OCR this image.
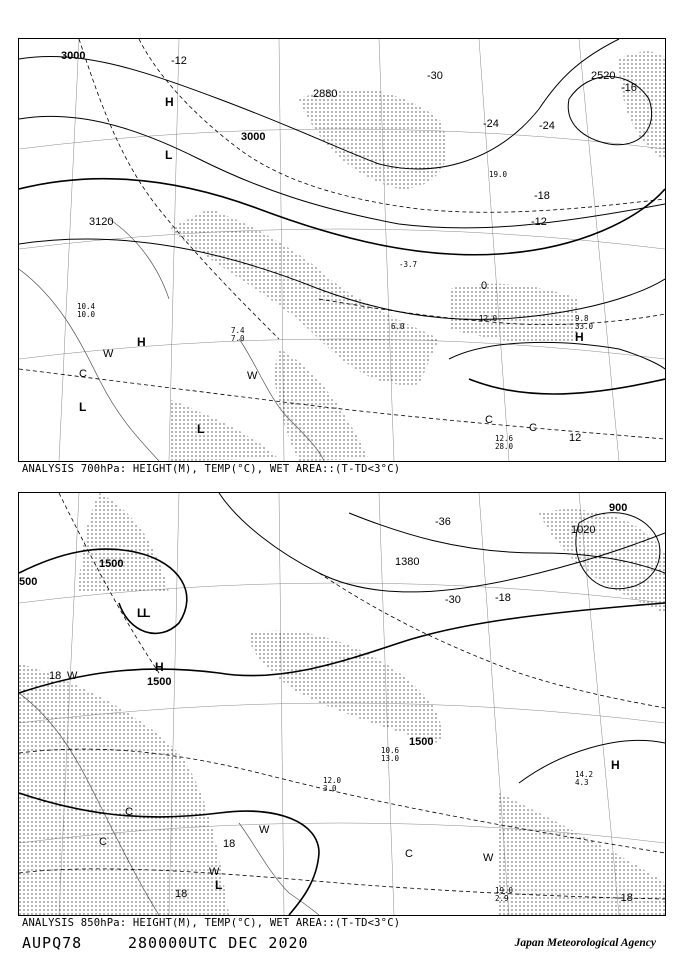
3000
3120
3000
2880
2520
-12
-30
-24
-18
-12
0
12
-16
-24
H
L
H	H
L
L
W
C	W
C
C
12.6
28.0
9.8
33.0
12.0
6.0
-3.7
19.0
10.4
10.0
7.4
7.0
ANALYSIS 700hPa: HEIGHT(M), TEMP(°C), WET AREA::(T-TD<3°C)
1500
1500
1500
1380
1020
900
500
-30
-36
-18
18
18
18	-18
L
H
H
L
L
W
W
W
C
C
W
C
14.2
4.3
19.0
2.9
12.0
3.0
10.6
13.0
ANALYSIS 850hPa: HEIGHT(M), TEMP(°C), WET AREA::(T-TD<3°C)
AUPQ78	280000UTC DEC 2020	Japan Meteorological Agency
